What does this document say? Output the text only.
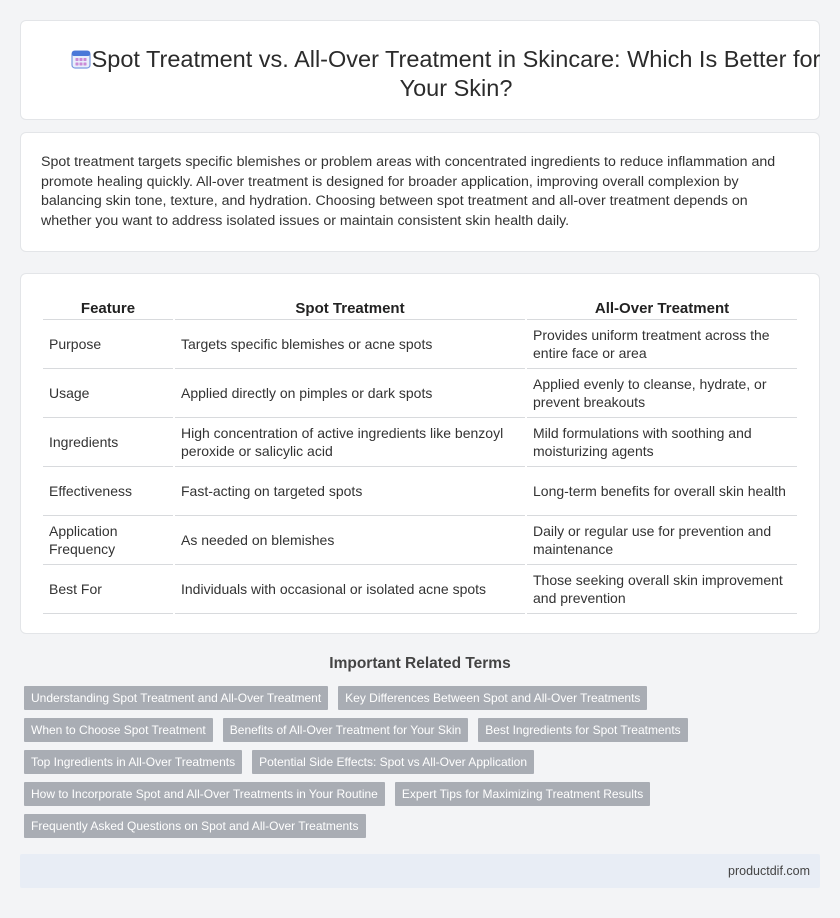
Spot Treatment vs. All-Over Treatment in Skincare: Which Is Better for Your Skin?

Spot treatment targets specific blemishes or problem areas with concentrated ingredients to reduce inflammation and promote healing quickly. All-over treatment is designed for broader application, improving overall complexion by balancing skin tone, texture, and hydration. Choosing between spot treatment and all-over treatment depends on whether you want to address isolated issues or maintain consistent skin health daily.

Feature	Spot Treatment	All-Over Treatment
Purpose	Targets specific blemishes or acne spots	Provides uniform treatment across the entire face or area
Usage	Applied directly on pimples or dark spots	Applied evenly to cleanse, hydrate, or prevent breakouts
Ingredients	High concentration of active ingredients like benzoyl peroxide or salicylic acid	Mild formulations with soothing and moisturizing agents
Effectiveness	Fast-acting on targeted spots	Long-term benefits for overall skin health
Application Frequency	As needed on blemishes	Daily or regular use for prevention and maintenance
Best For	Individuals with occasional or isolated acne spots	Those seeking overall skin improvement and prevention
Important Related Terms
Understanding Spot Treatment and All-Over Treatment	Key Differences Between Spot and All-Over Treatments
When to Choose Spot Treatment	Benefits of All-Over Treatment for Your Skin	Best Ingredients for Spot Treatments
Top Ingredients in All-Over Treatments	Potential Side Effects: Spot vs All-Over Application
How to Incorporate Spot and All-Over Treatments in Your Routine	Expert Tips for Maximizing Treatment Results
Frequently Asked Questions on Spot and All-Over Treatments
productdif.com
